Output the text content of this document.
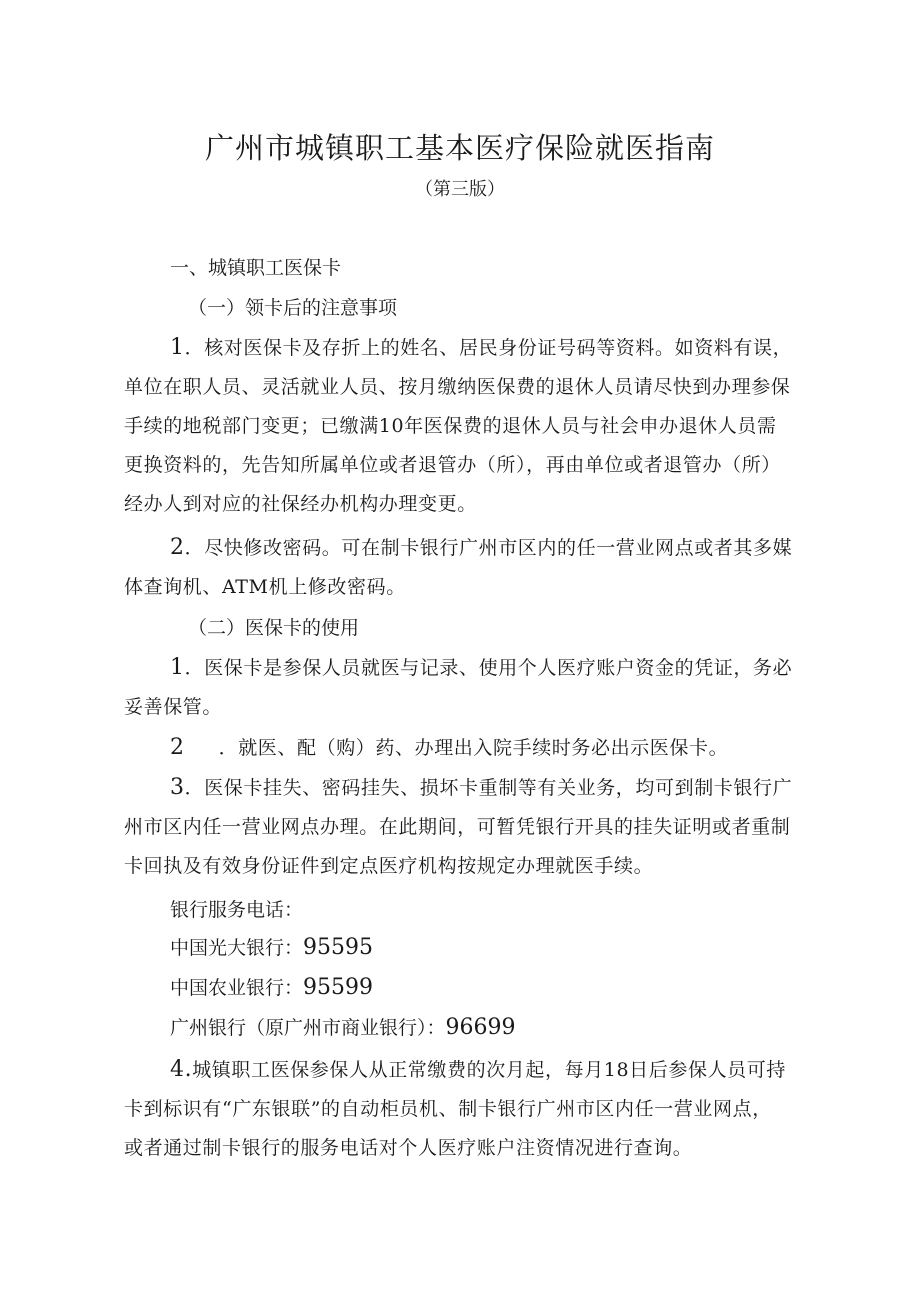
广州市城镇职工基本医疗保险就医指南
（第三版）
一、城镇职工医保卡
（一）领卡后的注意事项
1．核对医保卡及存折上的姓名、居民身份证号码等资料。如资料有误，
单位在职人员、灵活就业人员、按月缴纳医保费的退休人员请尽快到办理参保
手续的地税部门变更；已缴满10年医保费的退休人员与社会申办退休人员需
更换资料的，先告知所属单位或者退管办（所），再由单位或者退管办（所）
经办人到对应的社保经办机构办理变更。
2．尽快修改密码。可在制卡银行广州市区内的任一营业网点或者其多媒
体查询机、ATM机上修改密码。
（二）医保卡的使用
1．医保卡是参保人员就医与记录、使用个人医疗账户资金的凭证，务必
妥善保管。
2 ．就医、配（购）药、办理出入院手续时务必出示医保卡。
3．医保卡挂失、密码挂失、损坏卡重制等有关业务，均可到制卡银行广
州市区内任一营业网点办理。在此期间，可暂凭银行开具的挂失证明或者重制
卡回执及有效身份证件到定点医疗机构按规定办理就医手续。
银行服务电话：
中国光大银行：95595
中国农业银行：95599
广州银行（原广州市商业银行）：96699
4.城镇职工医保参保人从正常缴费的次月起，每月18日后参保人员可持
卡到标识有“广东银联”的自动柜员机、制卡银行广州市区内任一营业网点，
或者通过制卡银行的服务电话对个人医疗账户注资情况进行查询。
